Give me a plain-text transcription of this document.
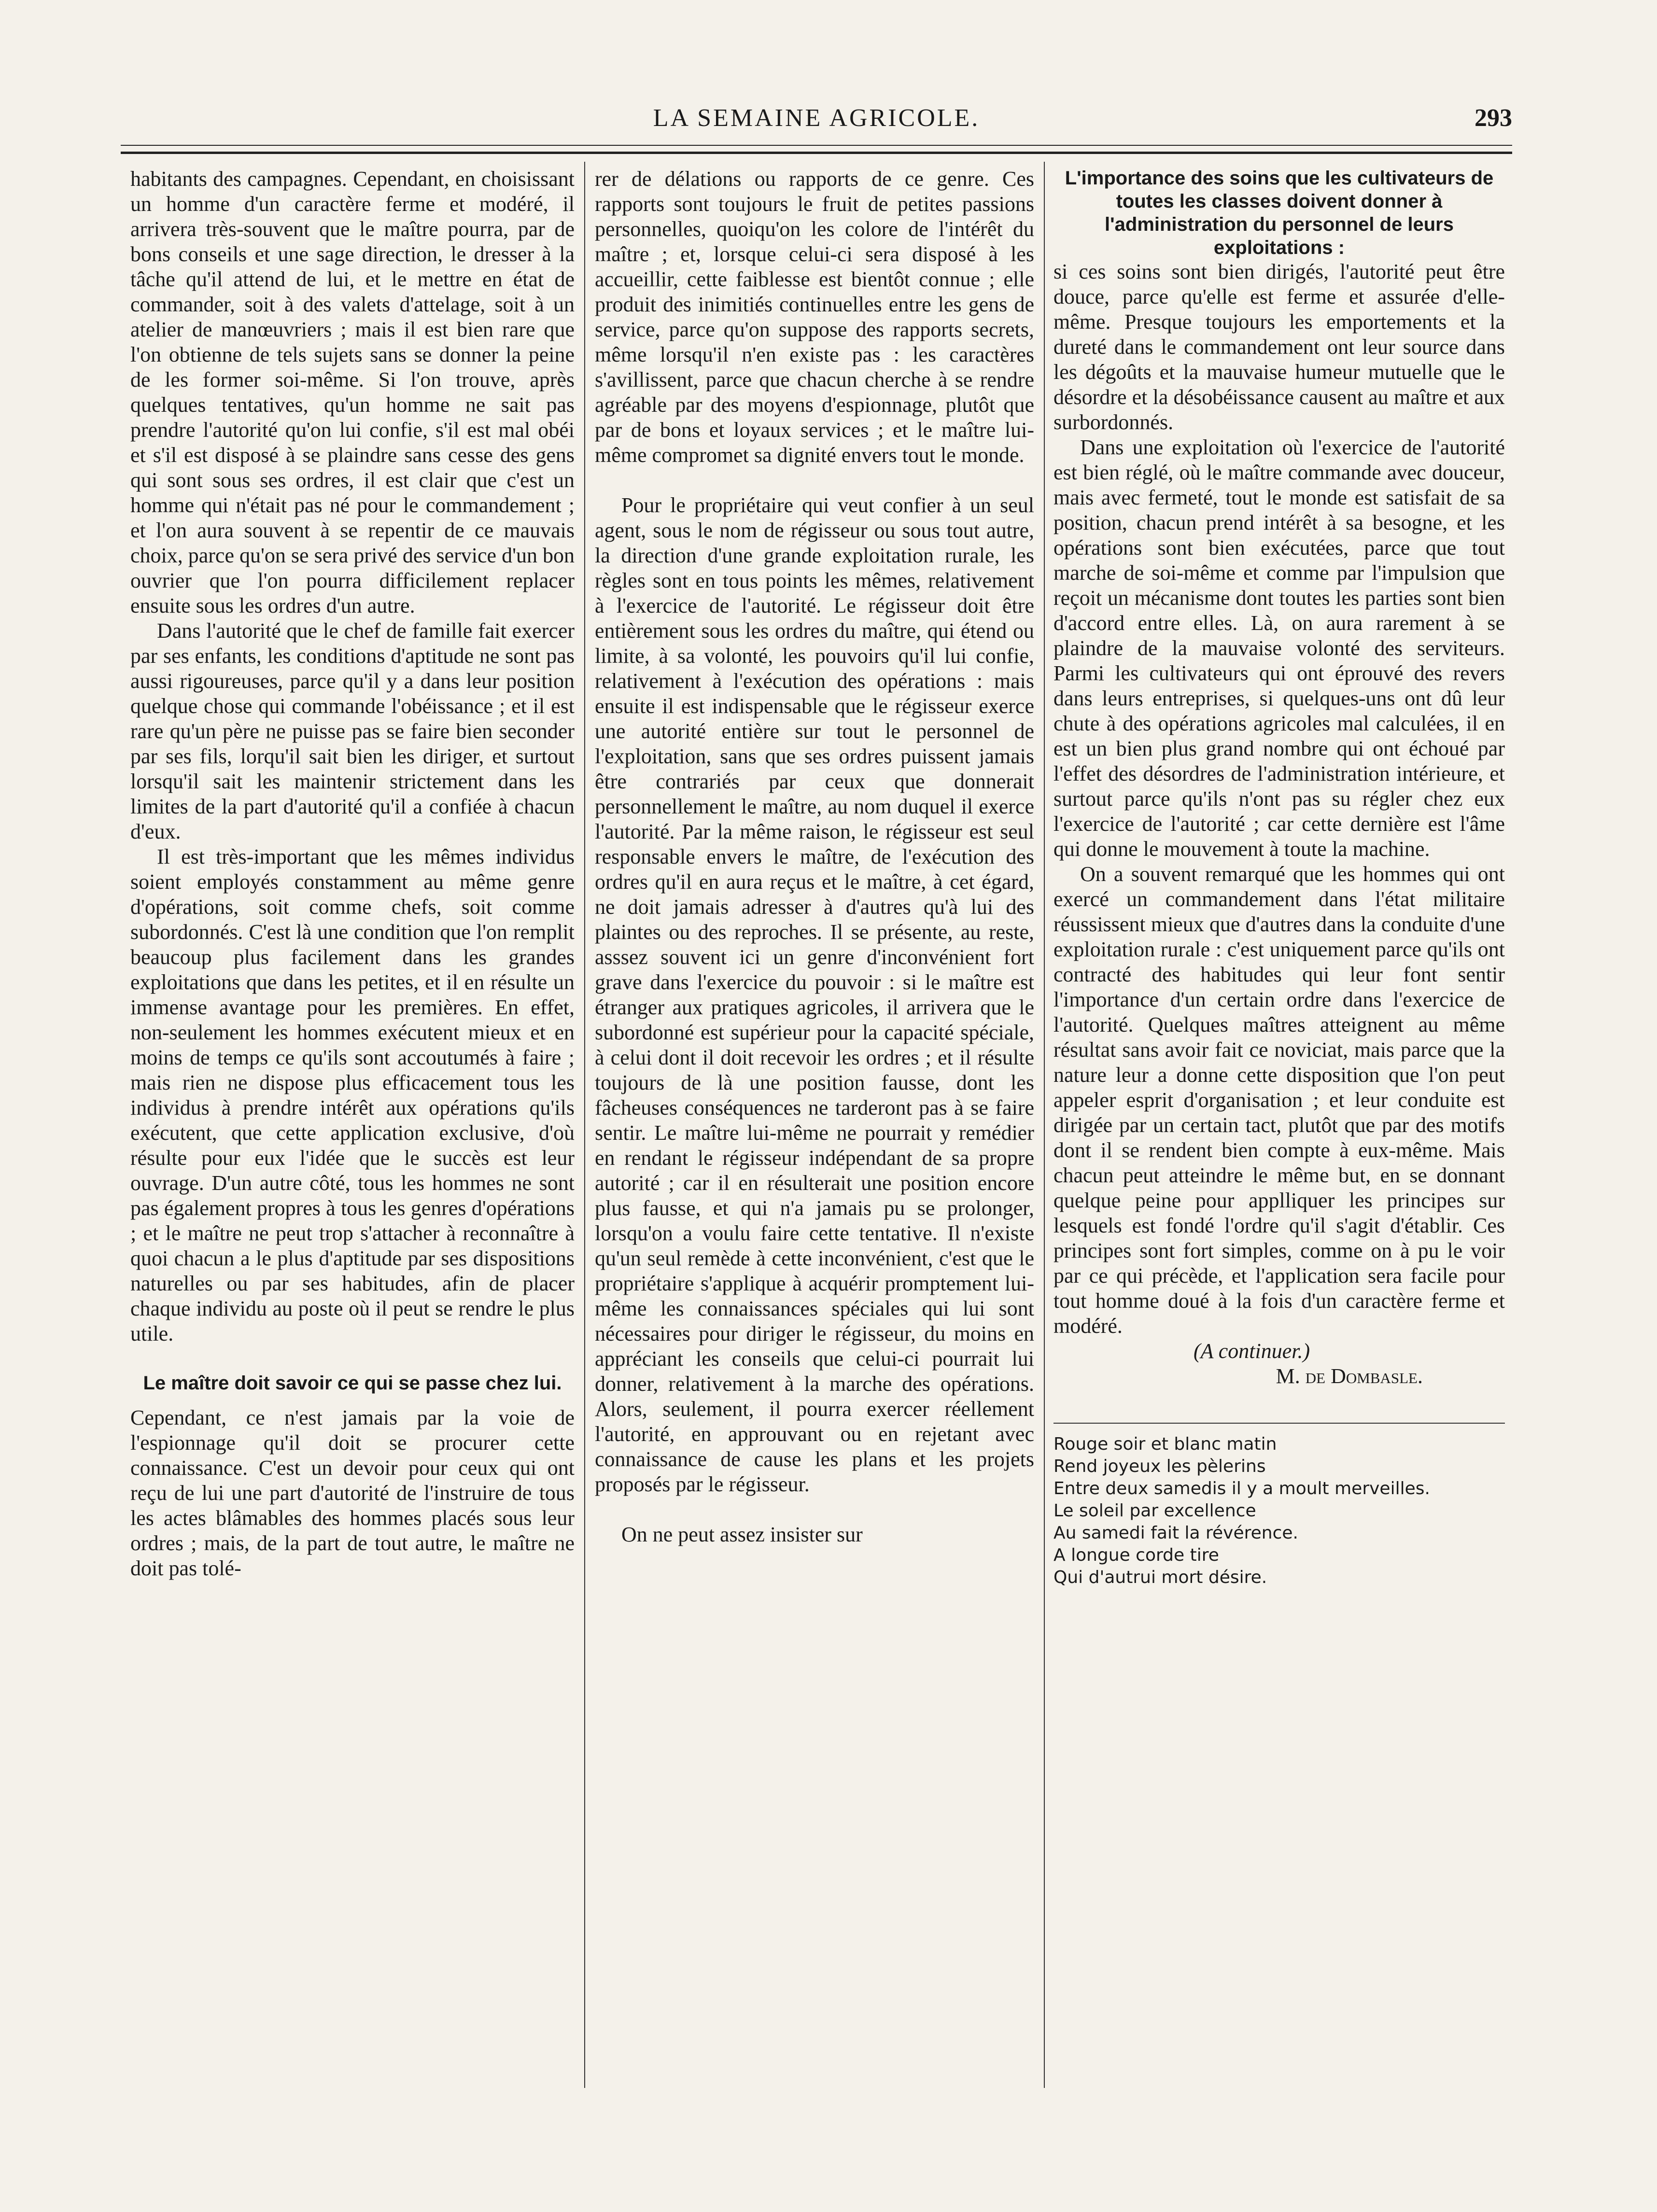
LA SEMAINE AGRICOLE.	293

habitants des campagnes. Cependant, en choisissant un homme d'un caractère ferme et modéré, il arrivera très-souvent que le maître pourra, par de bons conseils et une sage direction, le dresser à la tâche qu'il attend de lui, et le mettre en état de commander, soit à des valets d'attelage, soit à un atelier de manœuvriers ; mais il est bien rare que l'on obtienne de tels sujets sans se donner la peine de les former soi-même. Si l'on trouve, après quelques tentatives, qu'un homme ne sait pas prendre l'autorité qu'on lui confie, s'il est mal obéi et s'il est disposé à se plaindre sans cesse des gens qui sont sous ses ordres, il est clair que c'est un homme qui n'était pas né pour le commandement ; et l'on aura souvent à se repentir de ce mauvais choix, parce qu'on se sera privé des service d'un bon ouvrier que l'on pourra difficilement replacer ensuite sous les ordres d'un autre.

Dans l'autorité que le chef de famille fait exercer par ses enfants, les conditions d'aptitude ne sont pas aussi rigoureuses, parce qu'il y a dans leur position quelque chose qui commande l'obéissance ; et il est rare qu'un père ne puisse pas se faire bien seconder par ses fils, lorqu'il sait bien les diriger, et surtout lorsqu'il sait les maintenir strictement dans les limites de la part d'autorité qu'il a confiée à chacun d'eux.

Il est très-important que les mêmes individus soient employés constamment au même genre d'opérations, soit comme chefs, soit comme subordonnés. C'est là une condition que l'on remplit beaucoup plus facilement dans les grandes exploitations que dans les petites, et il en résulte un immense avantage pour les premières. En effet, non-seulement les hommes exécutent mieux et en moins de temps ce qu'ils sont accoutumés à faire ; mais rien ne dispose plus efficacement tous les individus à prendre intérêt aux opérations qu'ils exécutent, que cette application exclusive, d'où résulte pour eux l'idée que le succès est leur ouvrage. D'un autre côté, tous les hommes ne sont pas également propres à tous les genres d'opérations ; et le maître ne peut trop s'attacher à reconnaître à quoi chacun a le plus d'aptitude par ses dispositions naturelles ou par ses habitudes, afin de placer chaque individu au poste où il peut se rendre le plus utile.

Le maître doit savoir ce qui se passe chez lui.

Cependant, ce n'est jamais par la voie de l'espionnage qu'il doit se procurer cette connaissance. C'est un devoir pour ceux qui ont reçu de lui une part d'autorité de l'instruire de tous les actes blâmables des hommes placés sous leur ordres ; mais, de la part de tout autre, le maître ne doit pas tolé-

rer de délations ou rapports de ce genre. Ces rapports sont toujours le fruit de petites passions personnelles, quoiqu'on les colore de l'intérêt du maître ; et, lorsque celui-ci sera disposé à les accueillir, cette faiblesse est bientôt connue ; elle produit des inimitiés continuelles entre les gens de service, parce qu'on suppose des rapports secrets, même lorsqu'il n'en existe pas : les caractères s'avillissent, parce que chacun cherche à se rendre agréable par des moyens d'espionnage, plutôt que par de bons et loyaux services ; et le maître lui-même compromet sa dignité envers tout le monde.

Pour le propriétaire qui veut confier à un seul agent, sous le nom de régisseur ou sous tout autre, la direction d'une grande exploitation rurale, les règles sont en tous points les mêmes, relativement à l'exercice de l'autorité. Le régisseur doit être entièrement sous les ordres du maître, qui étend ou limite, à sa volonté, les pouvoirs qu'il lui confie, relativement à l'exécution des opérations : mais ensuite il est indispensable que le régisseur exerce une autorité entière sur tout le personnel de l'exploitation, sans que ses ordres puissent jamais être contrariés par ceux que donnerait personnellement le maître, au nom duquel il exerce l'autorité. Par la même raison, le régisseur est seul responsable envers le maître, de l'exécution des ordres qu'il en aura reçus et le maître, à cet égard, ne doit jamais adresser à d'autres qu'à lui des plaintes ou des reproches. Il se présente, au reste, asssez souvent ici un genre d'inconvénient fort grave dans l'exercice du pouvoir : si le maître est étranger aux pratiques agricoles, il arrivera que le subordonné est supérieur pour la capacité spéciale, à celui dont il doit recevoir les ordres ; et il résulte toujours de là une position fausse, dont les fâcheuses conséquences ne tarderont pas à se faire sentir. Le maître lui-même ne pourrait y remédier en rendant le régisseur indépendant de sa propre autorité ; car il en résulterait une position encore plus fausse, et qui n'a jamais pu se prolonger, lorsqu'on a voulu faire cette tentative. Il n'existe qu'un seul remède à cette inconvénient, c'est que le propriétaire s'applique à acquérir promptement lui-même les connaissances spéciales qui lui sont nécessaires pour diriger le régisseur, du moins en appréciant les conseils que celui-ci pourrait lui donner, relativement à la marche des opérations. Alors, seulement, il pourra exercer réellement l'autorité, en approuvant ou en rejetant avec connaissance de cause les plans et les projets proposés par le régisseur.

On ne peut assez insister sur

L'importance des soins que les cultivateurs de toutes les classes doivent donner à l'administration du personnel de leurs exploitations :

si ces soins sont bien dirigés, l'autorité peut être douce, parce qu'elle est ferme et assurée d'elle-même. Presque toujours les emportements et la dureté dans le commandement ont leur source dans les dégoûts et la mauvaise humeur mutuelle que le désordre et la désobéissance causent au maître et aux surbordonnés.

Dans une exploitation où l'exercice de l'autorité est bien réglé, où le maître commande avec douceur, mais avec fermeté, tout le monde est satisfait de sa position, chacun prend intérêt à sa besogne, et les opérations sont bien exécutées, parce que tout marche de soi-même et comme par l'impulsion que reçoit un mécanisme dont toutes les parties sont bien d'accord entre elles. Là, on aura rarement à se plaindre de la mauvaise volonté des serviteurs. Parmi les cultivateurs qui ont éprouvé des revers dans leurs entreprises, si quelques-uns ont dû leur chute à des opérations agricoles mal calculées, il en est un bien plus grand nombre qui ont échoué par l'effet des désordres de l'administration intérieure, et surtout parce qu'ils n'ont pas su régler chez eux l'exercice de l'autorité ; car cette dernière est l'âme qui donne le mouvement à toute la machine.

On a souvent remarqué que les hommes qui ont exercé un commandement dans l'état militaire réussissent mieux que d'autres dans la conduite d'une exploitation rurale : c'est uniquement parce qu'ils ont contracté des habitudes qui leur font sentir l'importance d'un certain ordre dans l'exercice de l'autorité. Quelques maîtres atteignent au même résultat sans avoir fait ce noviciat, mais parce que la nature leur a donne cette disposition que l'on peut appeler esprit d'organisation ; et leur conduite est dirigée par un certain tact, plutôt que par des motifs dont il se rendent bien compte à eux-même. Mais chacun peut atteindre le même but, en se donnant quelque peine pour applliquer les principes sur lesquels est fondé l'ordre qu'il s'agit d'établir. Ces principes sont fort simples, comme on à pu le voir par ce qui précède, et l'application sera facile pour tout homme doué à la fois d'un caractère ferme et modéré.

(A continuer.)

M. de Dombasle.

Rouge soir et blanc matin

Rend joyeux les pèlerins

Entre deux samedis il y a moult merveilles.

Le soleil par excellence

Au samedi fait la révérence.

A longue corde tire

Qui d'autrui mort désire.
